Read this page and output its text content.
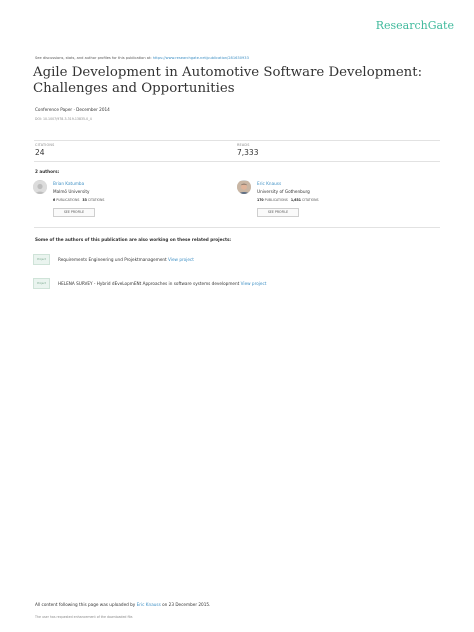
ResearchGate
See discussions, stats, and author profiles for this publication at: https://www.researchgate.net/publication/281630933
Agile Development in Automotive Software Development: Challenges and Opportunities
Conference Paper · December 2014
DOI: 10.1007/978-3-319-13835-0_4
CITATIONS
24
READS
7,333
2 authors:
Brian Katumba
Malmö University
6 PUBLICATIONS 33 CITATIONS
SEE PROFILE
Eric Knauss
University of Gothenburg
170 PUBLICATIONS 1,631 CITATIONS
SEE PROFILE
Some of the authors of this publication are also working on these related projects:
Project	Requirements Engineering und Projektmanagement View project
Project	HELENA SURVEY - Hybrid dEveLopmENt Approaches in software systems development View project
All content following this page was uploaded by Eric Knauss on 23 December 2015.
The user has requested enhancement of the downloaded file.
